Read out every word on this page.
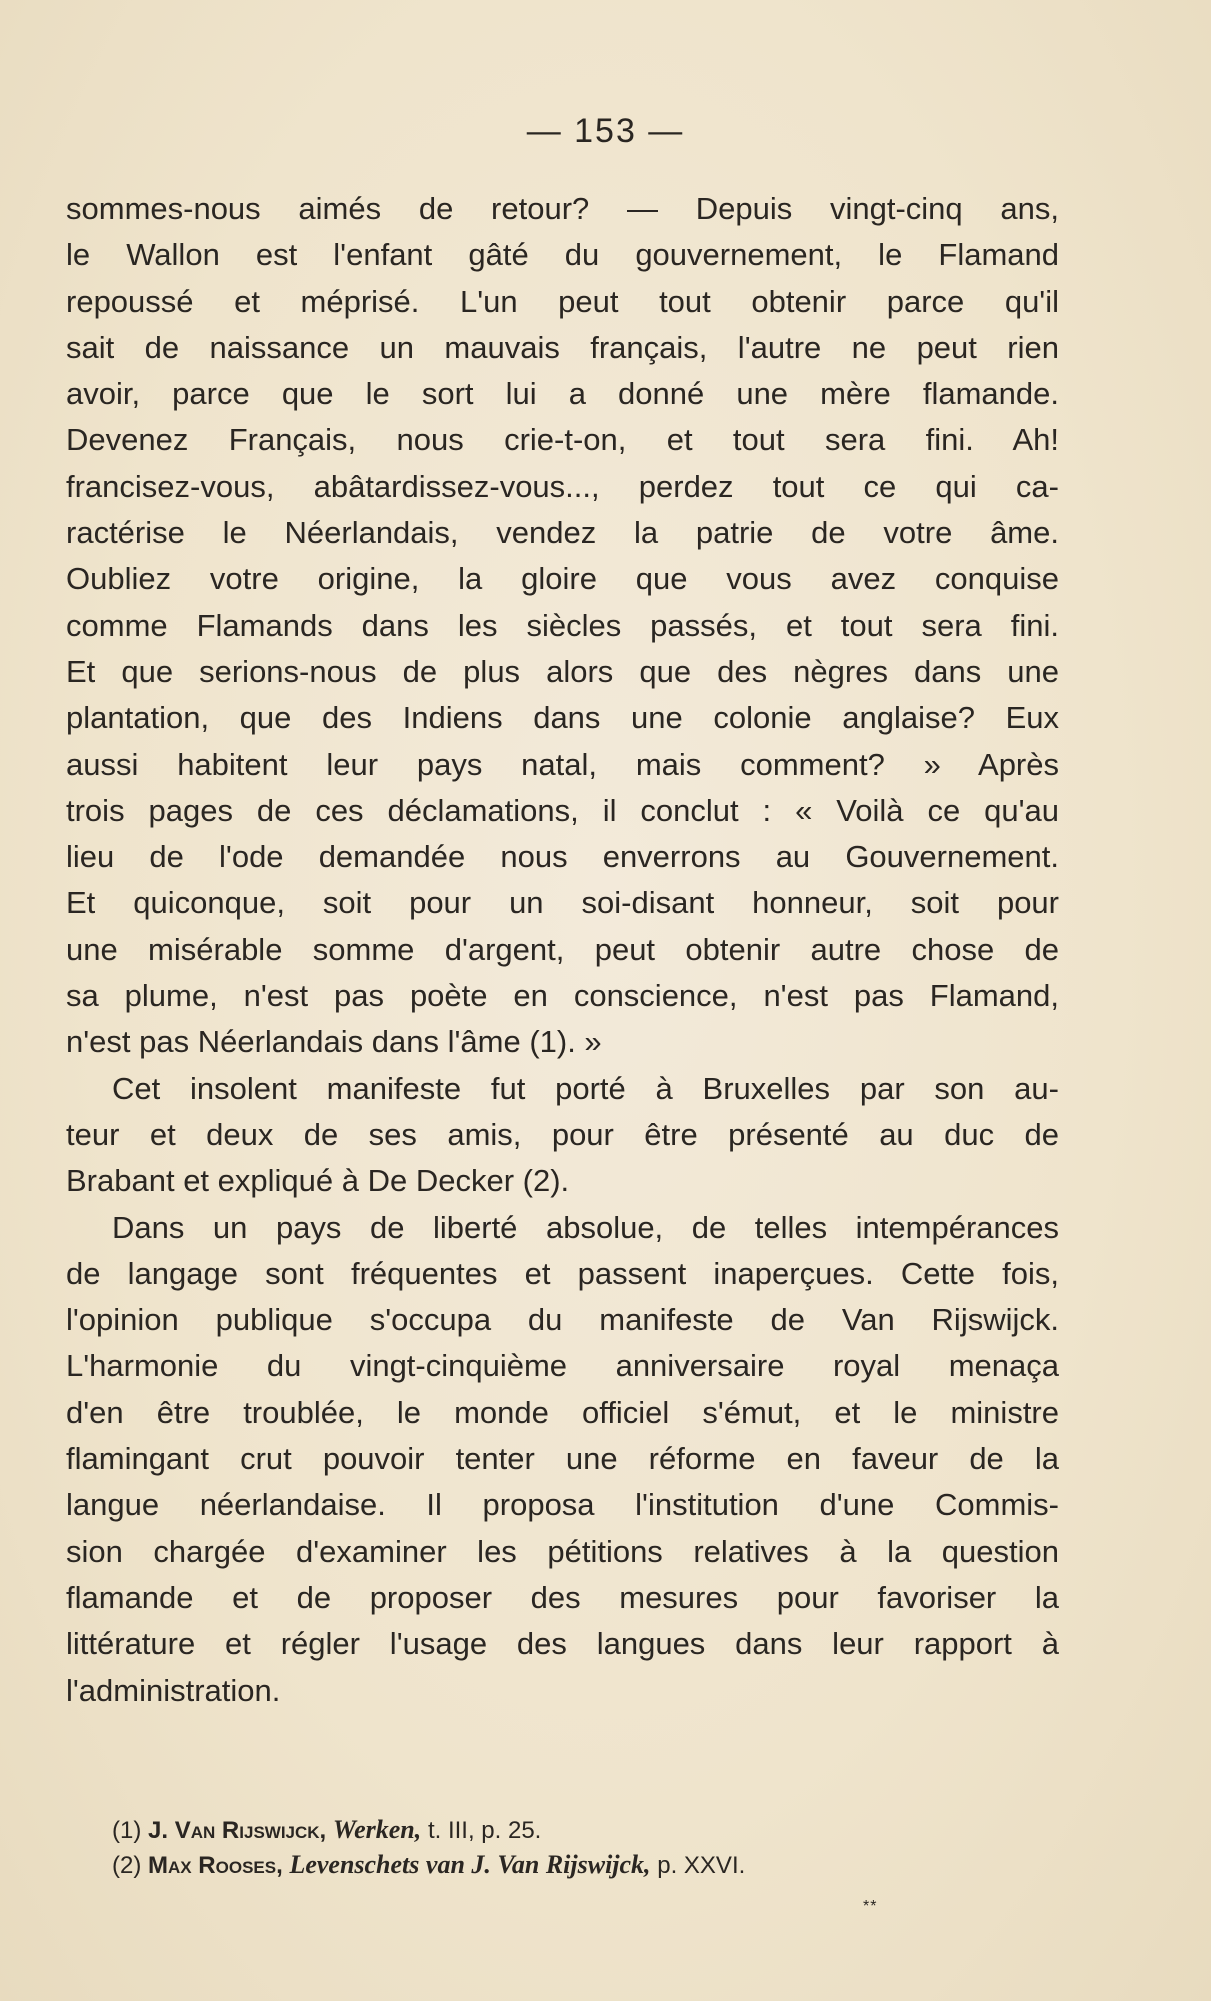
— 153 —
sommes-nous aimés de retour? — Depuis vingt-cinq ans,
le Wallon est l'enfant gâté du gouvernement, le Flamand
repoussé et méprisé. L'un peut tout obtenir parce qu'il
sait de naissance un mauvais français, l'autre ne peut rien
avoir, parce que le sort lui a donné une mère flamande.
Devenez Français, nous crie-t-on, et tout sera fini. Ah!
francisez-vous, abâtardissez-vous..., perdez tout ce qui ca-
ractérise le Néerlandais, vendez la patrie de votre âme.
Oubliez votre origine, la gloire que vous avez conquise
comme Flamands dans les siècles passés, et tout sera fini.
Et que serions-nous de plus alors que des nègres dans une
plantation, que des Indiens dans une colonie anglaise? Eux
aussi habitent leur pays natal, mais comment? » Après
trois pages de ces déclamations, il conclut : « Voilà ce qu'au
lieu de l'ode demandée nous enverrons au Gouvernement.
Et quiconque, soit pour un soi-disant honneur, soit pour
une misérable somme d'argent, peut obtenir autre chose de
sa plume, n'est pas poète en conscience, n'est pas Flamand,
n'est pas Néerlandais dans l'âme (1). »
Cet insolent manifeste fut porté à Bruxelles par son au-
teur et deux de ses amis, pour être présenté au duc de
Brabant et expliqué à De Decker (2).
Dans un pays de liberté absolue, de telles intempérances
de langage sont fréquentes et passent inaperçues. Cette fois,
l'opinion publique s'occupa du manifeste de Van Rijswijck.
L'harmonie du vingt-cinquième anniversaire royal menaça
d'en être troublée, le monde officiel s'émut, et le ministre
flamingant crut pouvoir tenter une réforme en faveur de la
langue néerlandaise. Il proposa l'institution d'une Commis-
sion chargée d'examiner les pétitions relatives à la question
flamande et de proposer des mesures pour favoriser la
littérature et régler l'usage des langues dans leur rapport à
l'administration.
(1) J. Van Rijswijck, Werken, t. III, p. 25.
(2) Max Rooses, Levenschets van J. Van Rijswijck, p. XXVI.

**
